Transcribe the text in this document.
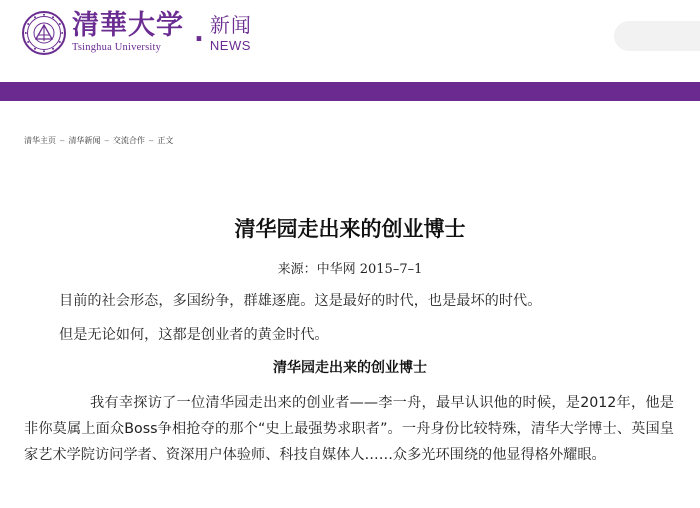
清華大学
Tsinghua University	. 新闻
NEWS
清华主页 – 清华新闻 – 交流合作 – 正文
清华园走出来的创业博士
来源：中华网 2015–7–1
目前的社会形态，多国纷争，群雄逐鹿。这是最好的时代，也是最坏的时代。
但是无论如何，这都是创业者的黄金时代。
清华园走出来的创业博士
我有幸探访了一位清华园走出来的创业者——李一舟，最早认识他的时候，是2012年，他是非你莫属上面众Boss争相抢夺的那个“史上最强势求职者”。一舟身份比较特殊，清华大学博士、英国皇家艺术学院访问学者、资深用户体验师、科技自媒体人……众多光环围绕的他显得格外耀眼。
